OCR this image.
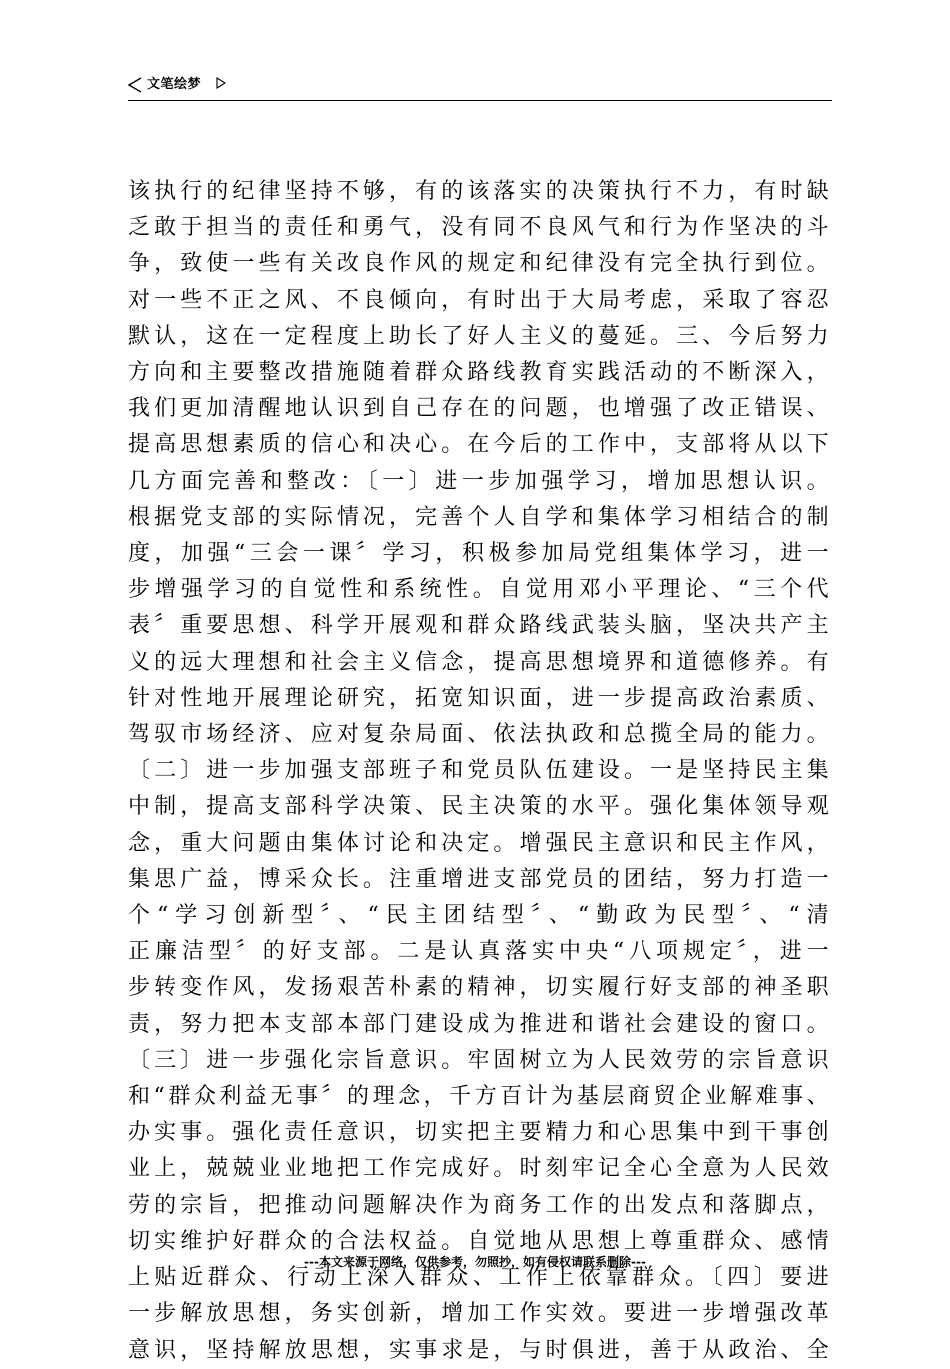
文笔绘梦
该执行的纪律坚持不够，有的该落实的决策执行不力，有时缺
乏敢于担当的责任和勇气，没有同不良风气和行为作坚决的斗
争，致使一些有关改良作风的规定和纪律没有完全执行到位。
对一些不正之风、不良倾向，有时出于大局考虑，采取了容忍
默认，这在一定程度上助长了好人主义的蔓延。三、今后努力
方向和主要整改措施随着群众路线教育实践活动的不断深入，
我们更加清醒地认识到自己存在的问题，也增强了改正错误、
提高思想素质的信心和决心。在今后的工作中，支部将从以下
几方面完善和整改：〔一〕进一步加强学习，增加思想认识。
根据党支部的实际情况，完善个人自学和集体学习相结合的制
度，加强“三会一课〞学习，积极参加局党组集体学习，进一
步增强学习的自觉性和系统性。自觉用邓小平理论、“三个代
表〞重要思想、科学开展观和群众路线武装头脑，坚决共产主
义的远大理想和社会主义信念，提高思想境界和道德修养。有
针对性地开展理论研究，拓宽知识面，进一步提高政治素质、
驾驭市场经济、应对复杂局面、依法执政和总揽全局的能力。
〔二〕进一步加强支部班子和党员队伍建设。一是坚持民主集
中制，提高支部科学决策、民主决策的水平。强化集体领导观
念，重大问题由集体讨论和决定。增强民主意识和民主作风，
集思广益，博采众长。注重增进支部党员的团结，努力打造一
个“学习创新型〞、“民主团结型〞、“勤政为民型〞、“清
正廉洁型〞的好支部。二是认真落实中央“八项规定〞，进一
步转变作风，发扬艰苦朴素的精神，切实履行好支部的神圣职
责，努力把本支部本部门建设成为推进和谐社会建设的窗口。
〔三〕进一步强化宗旨意识。牢固树立为人民效劳的宗旨意识
和“群众利益无事〞的理念，千方百计为基层商贸企业解难事、
办实事。强化责任意识，切实把主要精力和心思集中到干事创
业上，兢兢业业地把工作完成好。时刻牢记全心全意为人民效
劳的宗旨，把推动问题解决作为商务工作的出发点和落脚点，
切实维护好群众的合法权益。自觉地从思想上尊重群众、感情
上贴近群众、行动上深入群众、工作上依靠群众。〔四〕要进
一步解放思想，务实创新，增加工作实效。要进一步增强改革
意识，坚持解放思想，实事求是，与时俱进，善于从政治、全
---本文来源于网络，仅供参考，勿照抄，如有侵权请联系删除---
